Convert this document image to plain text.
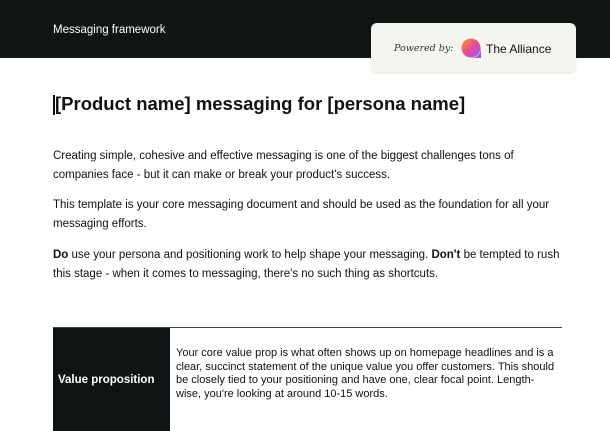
Messaging framework
Powered by:	The Alliance
[Product name] messaging for [persona name]

Creating simple, cohesive and effective messaging is one of the biggest challenges tons of companies face - but it can make or break your product's success.

This template is your core messaging document and should be used as the foundation for all your messaging efforts.

Do use your persona and positioning work to help shape your messaging. Don't be tempted to rush this stage - when it comes to messaging, there's no such thing as shortcuts.

Value proposition

Your core value prop is what often shows up on homepage headlines and is a clear, succinct statement of the unique value you offer customers. This should be closely tied to your positioning and have one, clear focal point. Length-wise, you're looking at around 10-15 words.
